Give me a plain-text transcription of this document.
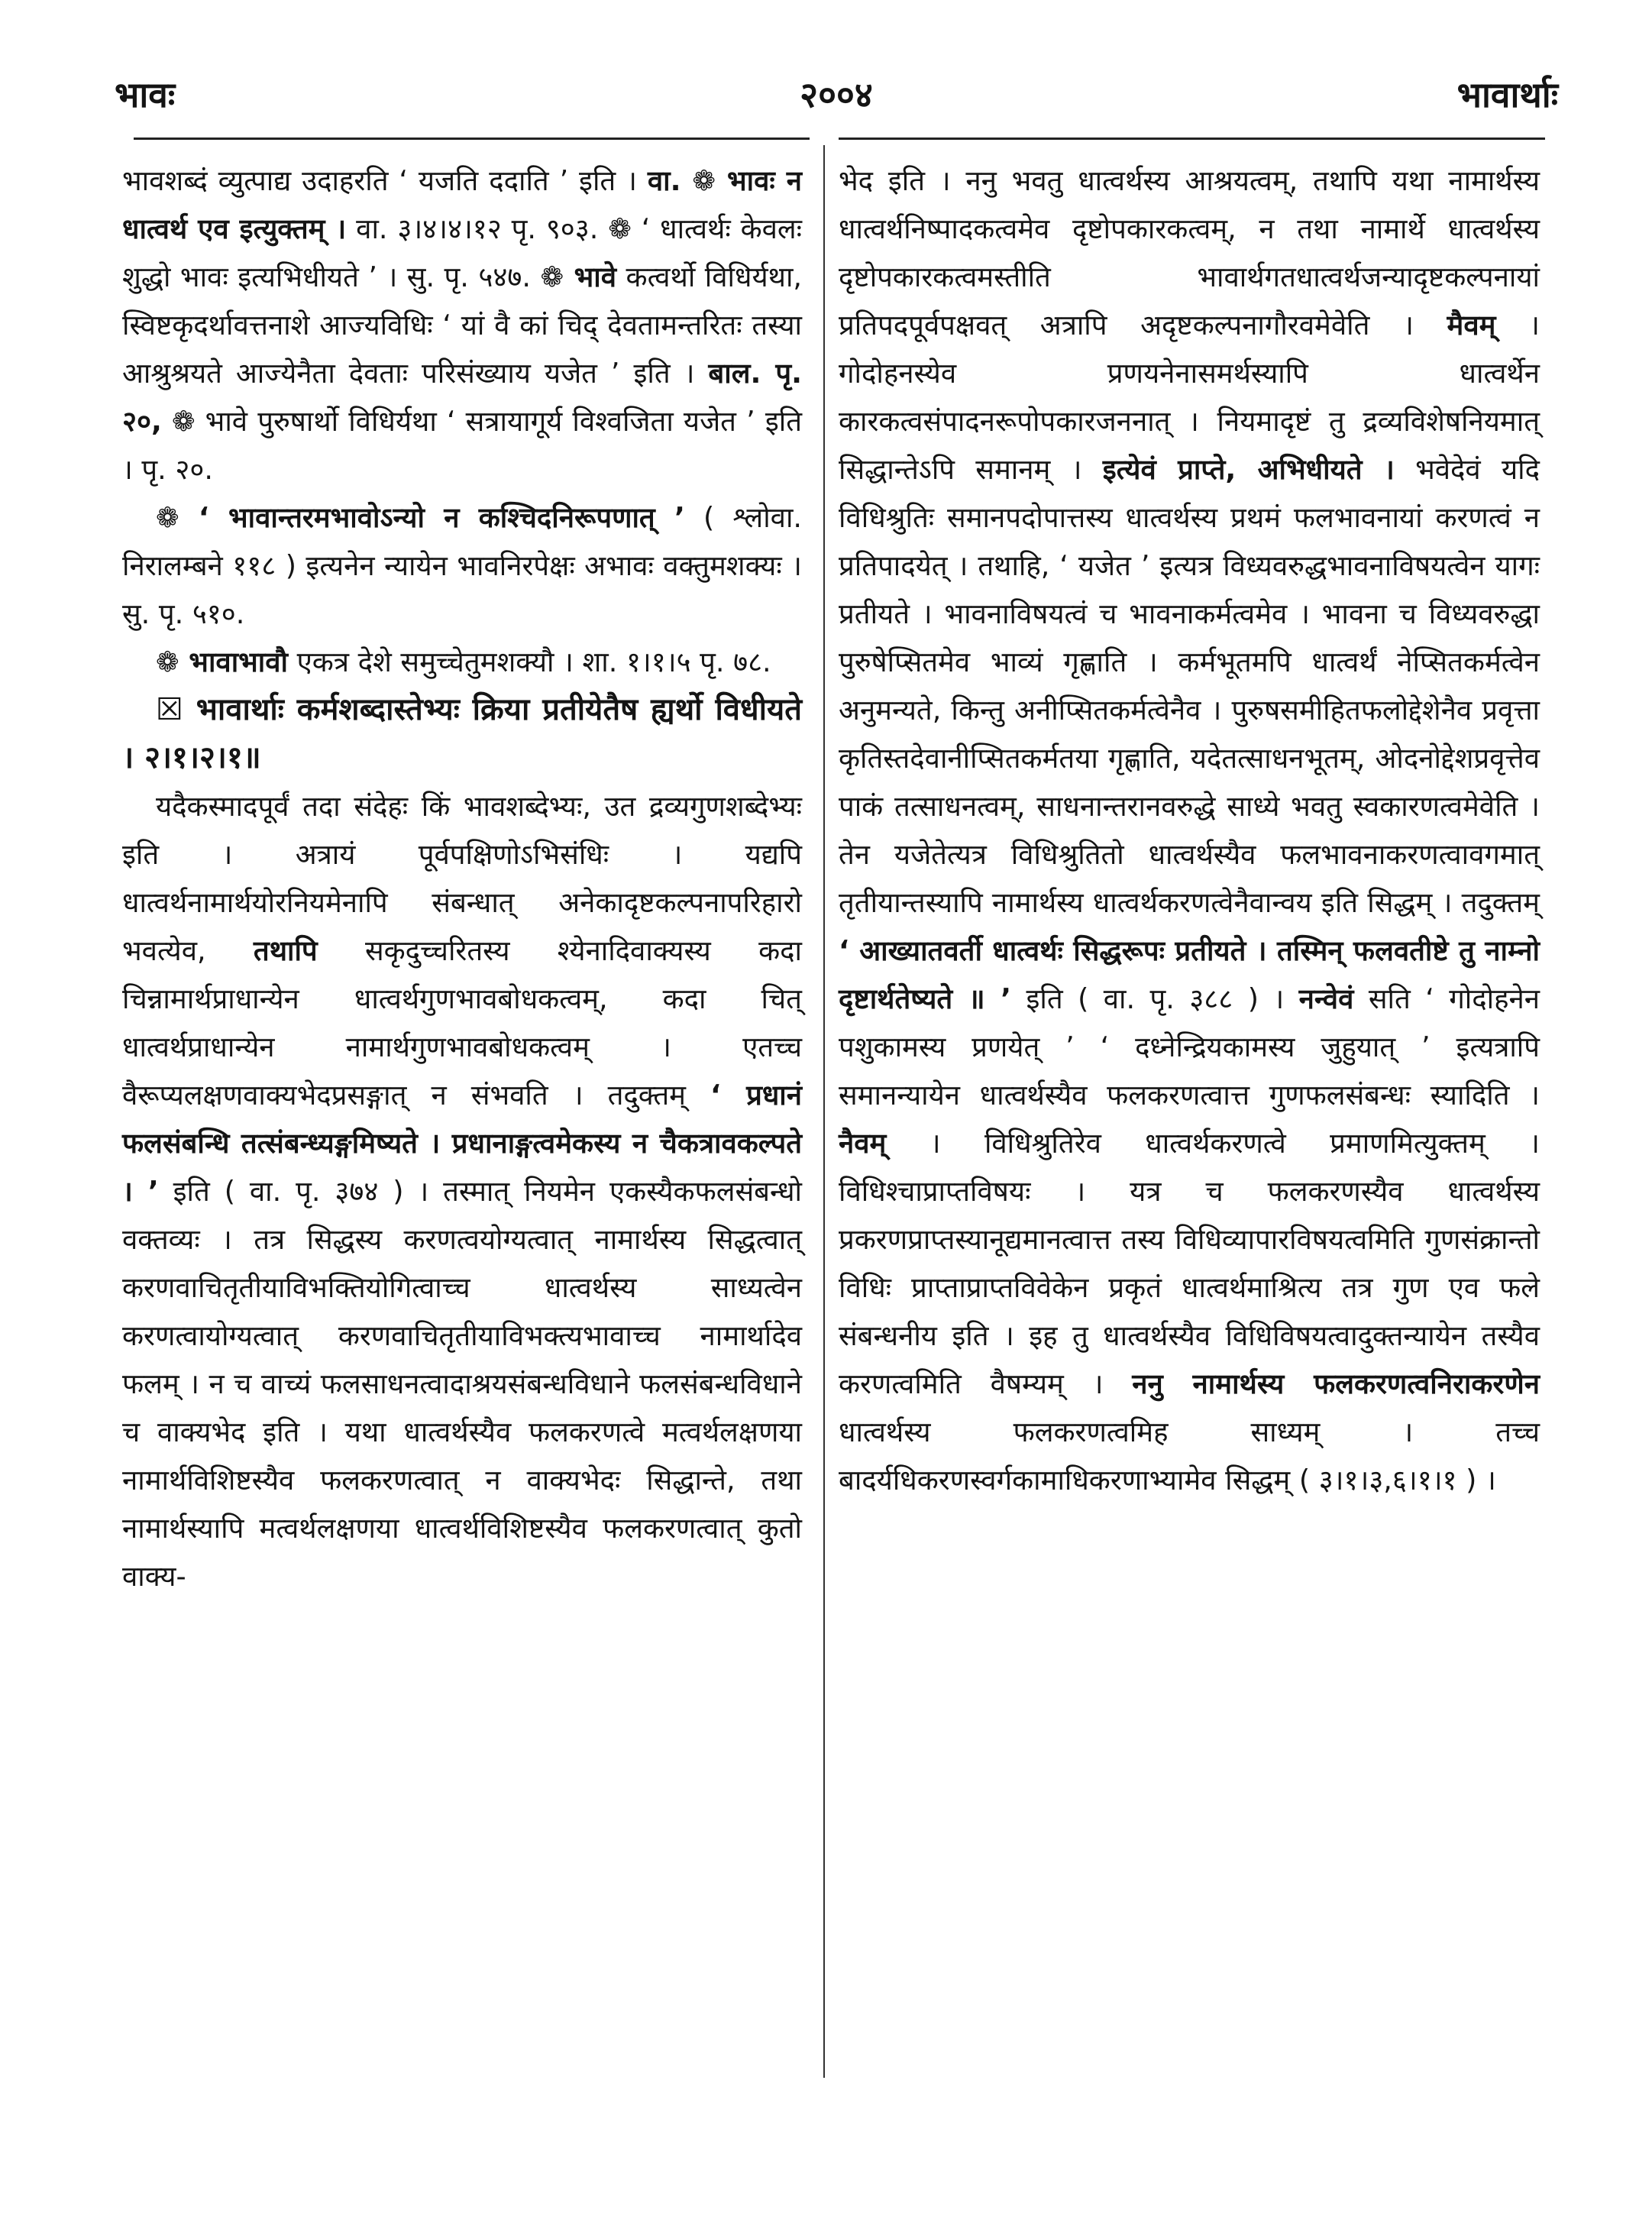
भावः	२००४	भावार्थाः

भावशब्दं व्युत्पाद्य उदाहरति ‘ यजति ददाति ’ इति । वा. ❁ भावः न धात्वर्थ एव इत्युक्तम् । वा. ३।४।४।१२ पृ. ९०३. ❁ ‘ धात्वर्थः केवलः शुद्धो भावः इत्यभिधीयते ’ । सु. पृ. ५४७. ❁ भावे कत्वर्थो विधिर्यथा, स्विष्टकृदर्थावत्तनाशे आज्यविधिः ‘ यां वै कां चिद् देवतामन्तरितः तस्या आश्रुश्रयते आज्येनैता देवताः परिसंख्याय यजेत ’ इति । बाल. पृ. २०, ❁ भावे पुरुषार्थो विधिर्यथा ‘ सत्रायागूर्य विश्वजिता यजेत ’ इति । पृ. २०.

❁ ‘ भावान्तरमभावोऽन्यो न कश्चिदनिरूपणात् ’ ( श्लोवा. निरालम्बने ११८ ) इत्यनेन न्यायेन भावनिरपेक्षः अभावः वक्तुमशक्यः । सु. पृ. ५१०.

❁ भावाभावौ एकत्र देशे समुच्चेतुमशक्यौ । शा. १।१।५ पृ. ७८.

☒ भावार्थाः कर्मशब्दास्तेभ्यः क्रिया प्रतीयेतैष ह्यर्थो विधीयते । २।१।२।१॥

यदैकस्मादपूर्वं तदा संदेहः किं भावशब्देभ्यः, उत द्रव्यगुणशब्देभ्यः इति । अत्रायं पूर्वपक्षिणोऽभिसंधिः । यद्यपि धात्वर्थनामार्थयोरनियमेनापि संबन्धात् अनेकादृष्टकल्पनापरिहारो भवत्येव, तथापि सकृदुच्चरितस्य श्येनादिवाक्यस्य कदा चिन्नामार्थप्राधान्येन धात्वर्थगुणभावबोधकत्वम्, कदा चित् धात्वर्थप्राधान्येन नामार्थगुणभावबोधकत्वम् । एतच्च वैरूप्यलक्षणवाक्यभेदप्रसङ्गात् न संभवति । तदुक्तम् ‘ प्रधानं फलसंबन्धि तत्संबन्ध्यङ्गमिष्यते । प्रधानाङ्गत्वमेकस्य न चैकत्रावकल्पते । ’ इति ( वा. पृ. ३७४ ) । तस्मात् नियमेन एकस्यैकफलसंबन्धो वक्तव्यः । तत्र सिद्धस्य करणत्वयोग्यत्वात् नामार्थस्य सिद्धत्वात् करणवाचितृतीयाविभक्तियोगित्वाच्च धात्वर्थस्य साध्यत्वेन करणत्वायोग्यत्वात् करणवाचितृतीयाविभक्त्यभावाच्च नामार्थादेव फलम् । न च वाच्यं फलसाधनत्वादाश्रयसंबन्धविधाने फलसंबन्धविधाने च वाक्यभेद इति । यथा धात्वर्थस्यैव फलकरणत्वे मत्वर्थलक्षणया नामार्थविशिष्टस्यैव फलकरणत्वात् न वाक्यभेदः सिद्धान्ते, तथा नामार्थस्यापि मत्वर्थलक्षणया धात्वर्थविशिष्टस्यैव फलकरणत्वात् कुतो वाक्य-

भेद इति । ननु भवतु धात्वर्थस्य आश्रयत्वम्, तथापि यथा नामार्थस्य धात्वर्थनिष्पादकत्वमेव दृष्टोपकारकत्वम्, न तथा नामार्थे धात्वर्थस्य दृष्टोपकारकत्वमस्तीति भावार्थगतधात्वर्थजन्यादृष्टकल्पनायां प्रतिपदपूर्वपक्षवत् अत्रापि अदृष्टकल्पनागौरवमेवेति । मैवम् । गोदोहनस्येव प्रणयनेनासमर्थस्यापि धात्वर्थेन कारकत्वसंपादनरूपोपकारजननात् । नियमादृष्टं तु द्रव्यविशेषनियमात् सिद्धान्तेऽपि समानम् । इत्येवं प्राप्ते, अभिधीयते । भवेदेवं यदि विधिश्रुतिः समानपदोपात्तस्य धात्वर्थस्य प्रथमं फलभावनायां करणत्वं न प्रतिपादयेत् । तथाहि, ‘ यजेत ’ इत्यत्र विध्यवरुद्धभावनाविषयत्वेन यागः प्रतीयते । भावनाविषयत्वं च भावनाकर्मत्वमेव । भावना च विध्यवरुद्धा पुरुषेप्सितमेव भाव्यं गृह्णाति । कर्मभूतमपि धात्वर्थं नेप्सितकर्मत्वेन अनुमन्यते, किन्तु अनीप्सितकर्मत्वेनैव । पुरुषसमीहितफलोद्देशेनैव प्रवृत्ता कृतिस्तदेवानीप्सितकर्मतया गृह्णाति, यदेतत्साधनभूतम्, ओदनोद्देशप्रवृत्तेव पाकं तत्साधनत्वम्, साधनान्तरानवरुद्धे साध्ये भवतु स्वकारणत्वमेवेति । तेन यजेतेत्यत्र विधिश्रुतितो धात्वर्थस्यैव फलभावनाकरणत्वावगमात् तृतीयान्तस्यापि नामार्थस्य धात्वर्थकरणत्वेनैवान्वय इति सिद्धम् । तदुक्तम् ‘ आख्यातवर्ती धात्वर्थः सिद्धरूपः प्रतीयते । तस्मिन् फलवतीष्टे तु नाम्नो दृष्टार्थतेष्यते ॥ ’ इति ( वा. पृ. ३८८ ) । नन्वेवं सति ‘ गोदोहनेन पशुकामस्य प्रणयेत् ’ ‘ दध्नेन्द्रियकामस्य जुहुयात् ’ इत्यत्रापि समानन्यायेन धात्वर्थस्यैव फलकरणत्वात्त गुणफलसंबन्धः स्यादिति । नैवम् । विधिश्रुतिरेव धात्वर्थकरणत्वे प्रमाणमित्युक्तम् । विधिश्चाप्राप्तविषयः । यत्र च फलकरणस्यैव धात्वर्थस्य प्रकरणप्राप्तस्यानूद्यमानत्वात्त तस्य विधिव्यापारविषयत्वमिति गुणसंक्रान्तो विधिः प्राप्ताप्राप्तविवेकेन प्रकृतं धात्वर्थमाश्रित्य तत्र गुण एव फले संबन्धनीय इति । इह तु धात्वर्थस्यैव विधिविषयत्वादुक्तन्यायेन तस्यैव करणत्वमिति वैषम्यम् । ननु नामार्थस्य फलकरणत्वनिराकरणेन धात्वर्थस्य फलकरणत्वमिह साध्यम् । तच्च बादर्यधिकरणस्वर्गकामाधिकरणाभ्यामेव सिद्धम् ( ३।१।३,६।१।१ ) ।
